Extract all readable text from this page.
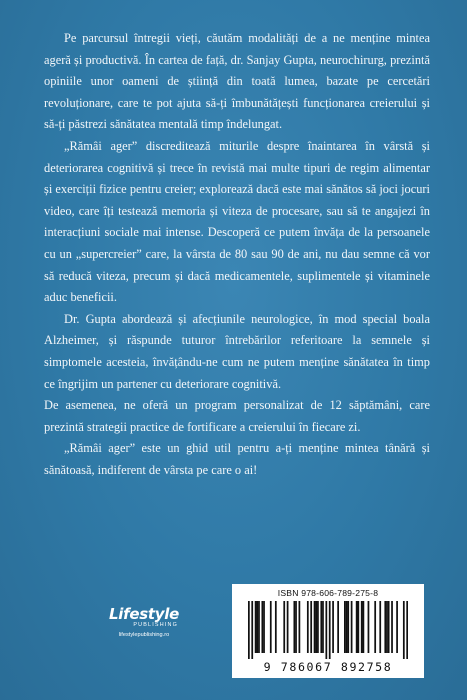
Pe parcursul întregii vieți, căutăm modalități de a ne menține mintea ageră și productivă. În cartea de față, dr. Sanjay Gupta, neurochirurg, prezintă opiniile unor oameni de știință din toată lumea, bazate pe cercetări revoluționare, care te pot ajuta să-ți îmbunătățești funcționarea creierului și să-ți păstrezi sănătatea mentală timp îndelungat.

„Rămâi ager” discreditează miturile despre înaintarea în vârstă și deteriorarea cognitivă și trece în revistă mai multe tipuri de regim alimentar și exerciții fizice pentru creier; explorează dacă este mai sănătos să joci jocuri video, care îți testează memoria și viteza de procesare, sau să te angajezi în interacțiuni sociale mai intense. Descoperă ce putem învăța de la persoanele cu un „supercreier” care, la vârsta de 80 sau 90 de ani, nu dau semne că vor să reducă viteza, precum și dacă medicamentele, suplimentele și vitaminele aduc beneficii.

Dr. Gupta abordează și afecțiunile neurologice, în mod special boala Alzheimer, și răspunde tuturor întrebărilor referitoare la semnele și simptomele acesteia, învățându-ne cum ne putem menține sănătatea în timp ce îngrijim un partener cu deteriorare cognitivă.

De asemenea, ne oferă un program personalizat de 12 săptămâni, care prezintă strategii practice de fortificare a creierului în fiecare zi.

„Rămâi ager” este un ghid util pentru a-ți menține mintea tânără și sănătoasă, indiferent de vârsta pe care o ai!

Lifestyle
PUBLISHING
lifestylepublishing.ro
ISBN 978-606-789-275-8
9 786067 892758
